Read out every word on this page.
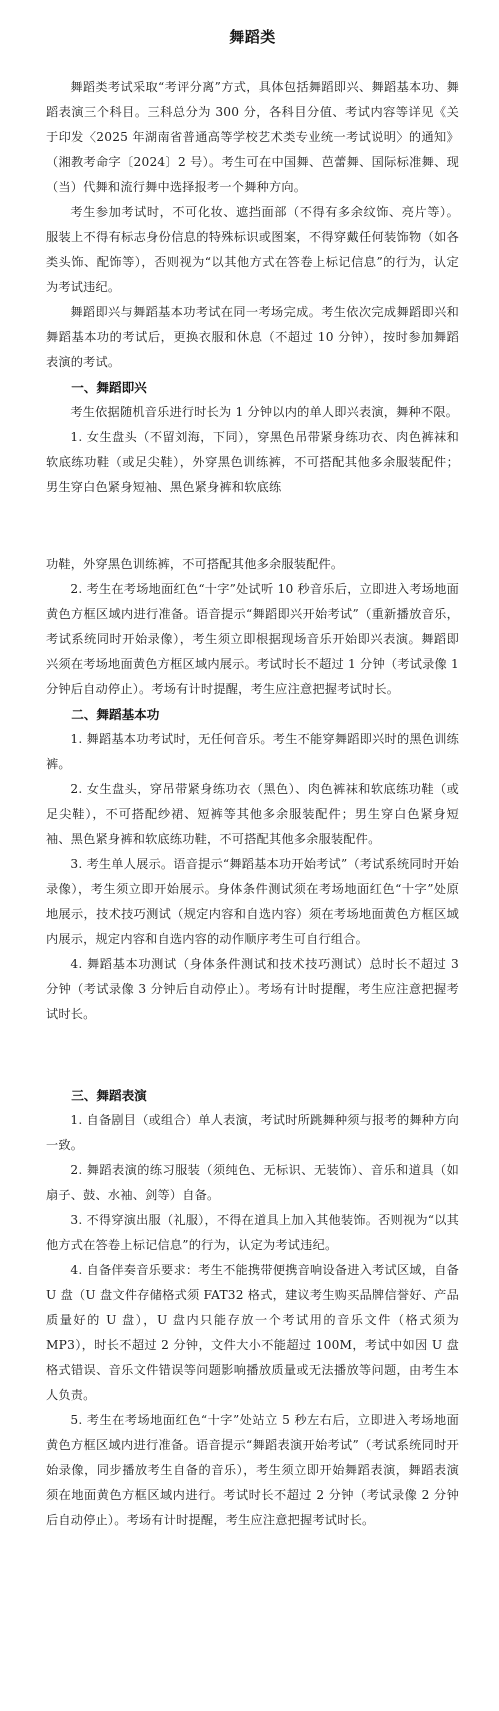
舞蹈类

舞蹈类考试采取“考评分离”方式，具体包括舞蹈即兴、舞蹈基本功、舞蹈表演三个科目。三科总分为 300 分，各科目分值、考试内容等详见《关于印发〈2025 年湖南省普通高等学校艺术类专业统一考试说明〉的通知》（湘教考命字〔2024〕2 号）。考生可在中国舞、芭蕾舞、国际标准舞、现（当）代舞和流行舞中选择报考一个舞种方向。

考生参加考试时，不可化妆、遮挡面部（不得有多余纹饰、亮片等）。服装上不得有标志身份信息的特殊标识或图案，不得穿戴任何装饰物（如各类头饰、配饰等），否则视为“以其他方式在答卷上标记信息”的行为，认定为考试违纪。

舞蹈即兴与舞蹈基本功考试在同一考场完成。考生依次完成舞蹈即兴和舞蹈基本功的考试后，更换衣服和休息（不超过 10 分钟），按时参加舞蹈表演的考试。

一、舞蹈即兴

考生依据随机音乐进行时长为 1 分钟以内的单人即兴表演，舞种不限。

1. 女生盘头（不留刘海，下同），穿黑色吊带紧身练功衣、肉色裤袜和软底练功鞋（或足尖鞋），外穿黑色训练裤，不可搭配其他多余服装配件；男生穿白色紧身短袖、黑色紧身裤和软底练

功鞋，外穿黑色训练裤，不可搭配其他多余服装配件。

2. 考生在考场地面红色“十字”处试听 10 秒音乐后，立即进入考场地面黄色方框区域内进行准备。语音提示“舞蹈即兴开始考试”（重新播放音乐，考试系统同时开始录像），考生须立即根据现场音乐开始即兴表演。舞蹈即兴须在考场地面黄色方框区域内展示。考试时长不超过 1 分钟（考试录像 1 分钟后自动停止）。考场有计时提醒，考生应注意把握考试时长。

二、舞蹈基本功

1. 舞蹈基本功考试时，无任何音乐。考生不能穿舞蹈即兴时的黑色训练裤。

2. 女生盘头，穿吊带紧身练功衣（黑色）、肉色裤袜和软底练功鞋（或足尖鞋），不可搭配纱裙、短裤等其他多余服装配件；男生穿白色紧身短袖、黑色紧身裤和软底练功鞋，不可搭配其他多余服装配件。

3. 考生单人展示。语音提示“舞蹈基本功开始考试”（考试系统同时开始录像），考生须立即开始展示。身体条件测试须在考场地面红色“十字”处原地展示，技术技巧测试（规定内容和自选内容）须在考场地面黄色方框区域内展示，规定内容和自选内容的动作顺序考生可自行组合。

4. 舞蹈基本功测试（身体条件测试和技术技巧测试）总时长不超过 3 分钟（考试录像 3 分钟后自动停止）。考场有计时提醒，考生应注意把握考试时长。

三、舞蹈表演

1. 自备剧目（或组合）单人表演，考试时所跳舞种须与报考的舞种方向一致。

2. 舞蹈表演的练习服装（须纯色、无标识、无装饰）、音乐和道具（如扇子、鼓、水袖、剑等）自备。

3. 不得穿演出服（礼服），不得在道具上加入其他装饰。否则视为“以其他方式在答卷上标记信息”的行为，认定为考试违纪。

4. 自备伴奏音乐要求：考生不能携带便携音响设备进入考试区域，自备 U 盘（U 盘文件存储格式须 FAT32 格式，建议考生购买品牌信誉好、产品质量好的 U 盘），U 盘内只能存放一个考试用的音乐文件（格式须为 MP3），时长不超过 2 分钟，文件大小不能超过 100M，考试中如因 U 盘格式错误、音乐文件错误等问题影响播放质量或无法播放等问题，由考生本人负责。

5. 考生在考场地面红色“十字”处站立 5 秒左右后，立即进入考场地面黄色方框区域内进行准备。语音提示“舞蹈表演开始考试”（考试系统同时开始录像，同步播放考生自备的音乐），考生须立即开始舞蹈表演，舞蹈表演须在地面黄色方框区域内进行。考试时长不超过 2 分钟（考试录像 2 分钟后自动停止）。考场有计时提醒，考生应注意把握考试时长。
